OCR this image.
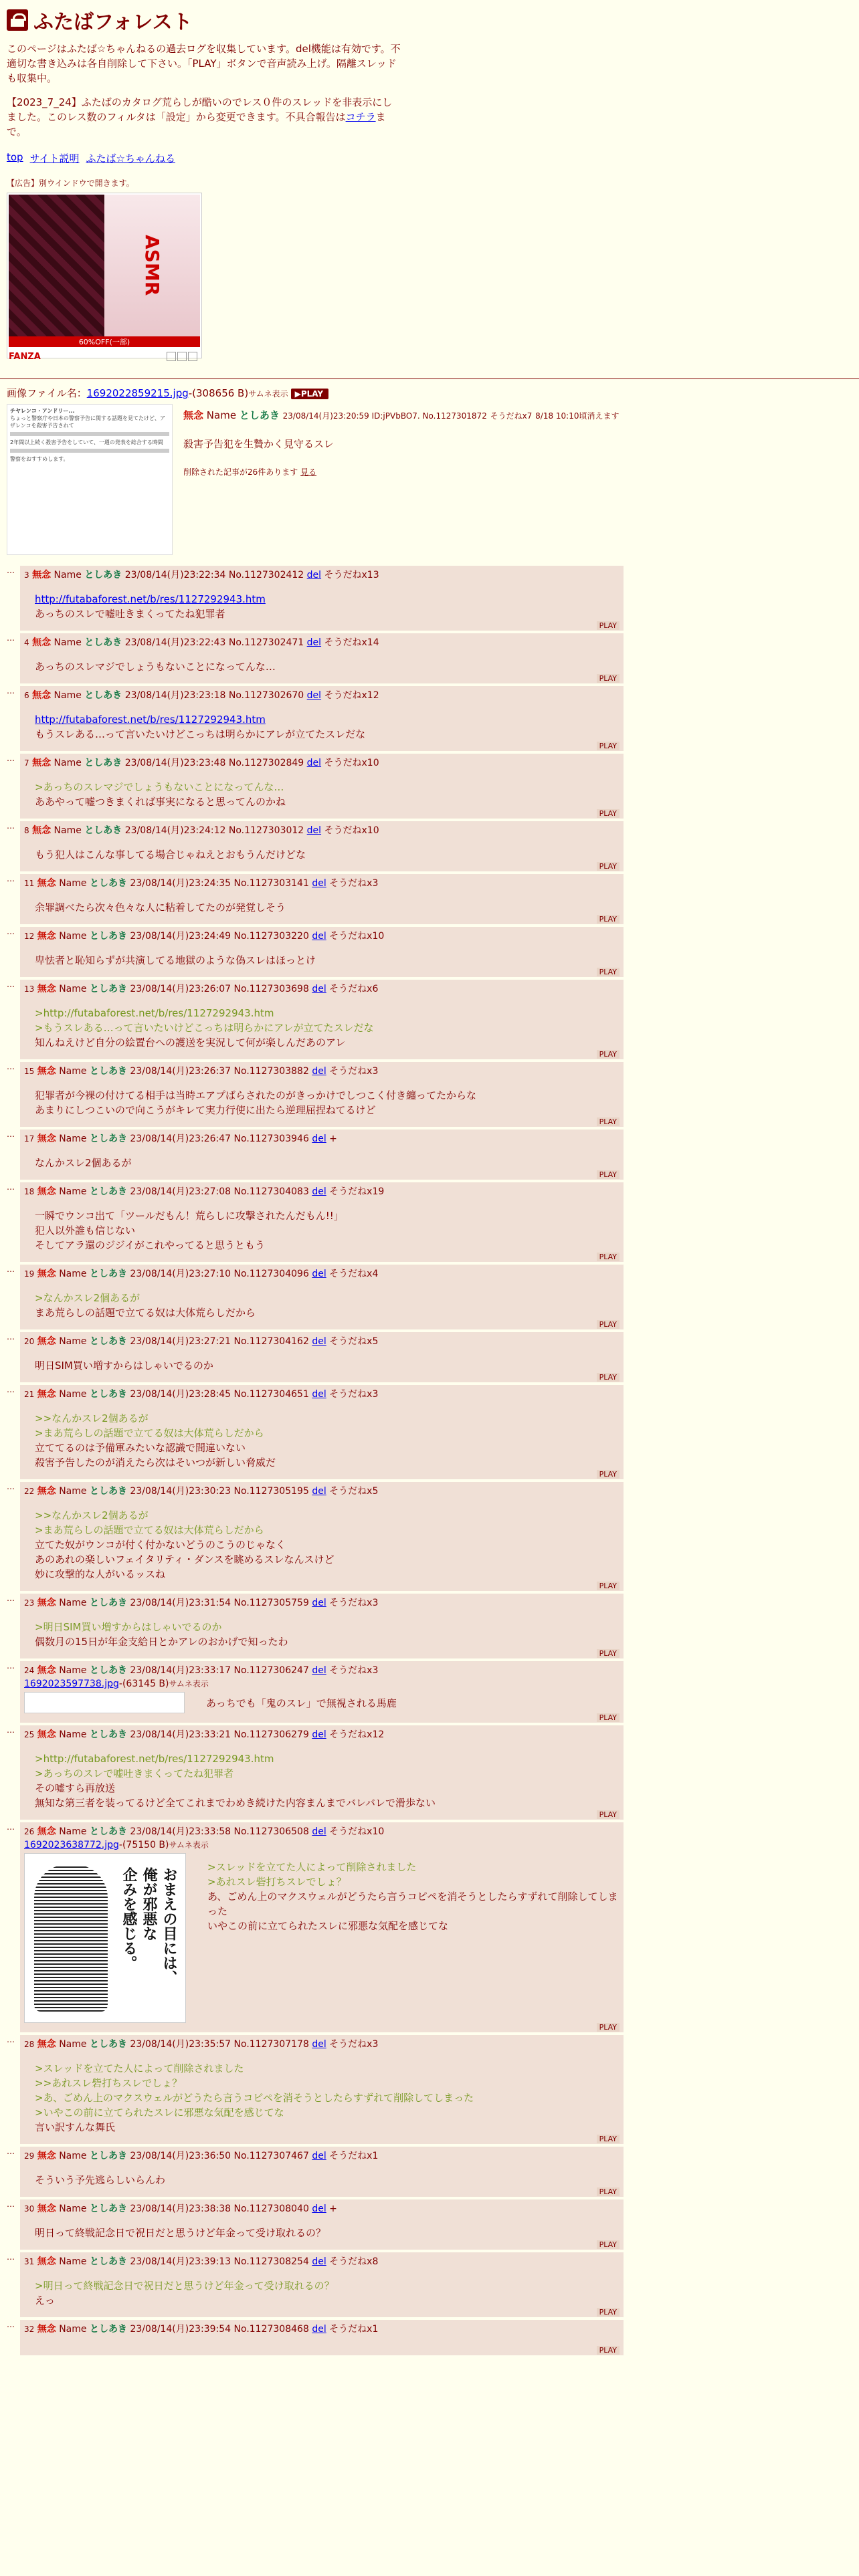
ふたばフォレスト

このページはふたば☆ちゃんねるの過去ログを収集しています。del機能は有効です。不適切な書き込みは各自削除して下さい。「PLAY」ボタンで音声読み上げ。隔離スレッドも収集中。

【2023_7_24】ふたばのカタログ荒らしが酷いのでレス０件のスレッドを非表示にしました。このレス数のフィルタは「設定」から変更できます。不具合報告はコチラまで。

top サイト説明 ふたば☆ちゃんねる
【広告】別ウインドウで開きます。
ASMR
60%OFF(一部)
FANZA
画像ファイル名：1692022859215.jpg-(308656 B)サムネ表示 ▶PLAY
チヤレンコ・アンドリー...
ちょっと警察庁や日本の警察予告に関する話題を見てたけど、アザレンコを殺害予告されて
2年間以上続く殺害予告をしていて、一週の発表を総合する時間
警察をおすすめします。
無念 Name としあき 23/08/14(月)23:20:59 ID:jPVbBO7. No.1127301872 そうだねx7 8/18 10:10頃消えます

殺害予告犯を生贄かく見守るスレ

削除された記事が26件あります 見る
…	3 無念 Name としあき 23/08/14(月)23:22:34 No.1127302412 del そうだねx13
http://futabaforest.net/b/res/1127292943.htm
あっちのスレで嘘吐きまくってたね犯罪者

PLAY
…	4 無念 Name としあき 23/08/14(月)23:22:43 No.1127302471 del そうだねx14
あっちのスレマジでしょうもないことになってんな…

PLAY
…	6 無念 Name としあき 23/08/14(月)23:23:18 No.1127302670 del そうだねx12
http://futabaforest.net/b/res/1127292943.htm
もうスレある…って言いたいけどこっちは明らかにアレが立てたスレだな

PLAY
…	7 無念 Name としあき 23/08/14(月)23:23:48 No.1127302849 del そうだねx10
>あっちのスレマジでしょうもないことになってんな…
ああやって嘘つきまくれば事実になると思ってんのかね

PLAY
…	8 無念 Name としあき 23/08/14(月)23:24:12 No.1127303012 del そうだねx10
もう犯人はこんな事してる場合じゃねえとおもうんだけどな

PLAY
…	11 無念 Name としあき 23/08/14(月)23:24:35 No.1127303141 del そうだねx3
余罪調べたら次々色々な人に粘着してたのが発覚しそう

PLAY
…	12 無念 Name としあき 23/08/14(月)23:24:49 No.1127303220 del そうだねx10
卑怯者と恥知らずが共演してる地獄のような偽スレはほっとけ

PLAY
…	13 無念 Name としあき 23/08/14(月)23:26:07 No.1127303698 del そうだねx6
>http://futabaforest.net/b/res/1127292943.htm
>もうスレある…って言いたいけどこっちは明らかにアレが立てたスレだな
知んねえけど自分の絵置台への護送を実況して何が楽しんだあのアレ

PLAY
…	15 無念 Name としあき 23/08/14(月)23:26:37 No.1127303882 del そうだねx3
犯罪者が今裸の付けてる相手は当時エアプばらされたのがきっかけでしつこく付き纏ってたからな
あまりにしつこいので向こうがキレて実力行使に出たら逆理屈捏ねてるけど

PLAY
…	17 無念 Name としあき 23/08/14(月)23:26:47 No.1127303946 del +
なんかスレ2個あるが

PLAY
…	18 無念 Name としあき 23/08/14(月)23:27:08 No.1127304083 del そうだねx19
一瞬でウンコ出て「ツールだもん！荒らしに攻撃されたんだもん!!」
犯人以外誰も信じない
そしてアラ還のジジイがこれやってると思うともう

PLAY
…	19 無念 Name としあき 23/08/14(月)23:27:10 No.1127304096 del そうだねx4
>なんかスレ2個あるが
まあ荒らしの話題で立てる奴は大体荒らしだから

PLAY
…	20 無念 Name としあき 23/08/14(月)23:27:21 No.1127304162 del そうだねx5
明日SIM買い増すからはしゃいでるのか

PLAY
…	21 無念 Name としあき 23/08/14(月)23:28:45 No.1127304651 del そうだねx3
>>なんかスレ2個あるが
>まあ荒らしの話題で立てる奴は大体荒らしだから
立ててるのは予備軍みたいな認識で間違いない
殺害予告したのが消えたら次はそいつが新しい脅威だ

PLAY
…	22 無念 Name としあき 23/08/14(月)23:30:23 No.1127305195 del そうだねx5
>>なんかスレ2個あるが
>まあ荒らしの話題で立てる奴は大体荒らしだから
立てた奴がウンコが付く付かないどうのこうのじゃなく
あのあれの楽しいフェイタリティ・ダンスを眺めるスレなんスけど
妙に攻撃的な人がいるッスね

PLAY
…	23 無念 Name としあき 23/08/14(月)23:31:54 No.1127305759 del そうだねx3
>明日SIM買い増すからはしゃいでるのか
偶数月の15日が年金支給日とかアレのおかげで知ったわ

PLAY
…	24 無念 Name としあき 23/08/14(月)23:33:17 No.1127306247 del そうだねx3
1692023597738.jpg-(63145 B)サムネ表示
あっちでも「鬼のスレ」で無視される馬鹿

PLAY
…	25 無念 Name としあき 23/08/14(月)23:33:21 No.1127306279 del そうだねx12
>http://futabaforest.net/b/res/1127292943.htm
>あっちのスレで嘘吐きまくってたね犯罪者
その嘘すら再放送
無知な第三者を装ってるけど全てこれまでわめき続けた内容まんまでバレバレで滑歩ない

PLAY
…	26 無念 Name としあき 23/08/14(月)23:33:58 No.1127306508 del そうだねx10
1692023638772.jpg-(75150 B)サムネ表示
おまえの目には、
俺が邪悪な
企みを感じる。	>スレッドを立てた人によって削除されました
>あれスレ砦打ちスレでしょ？
あ、ごめん上のマクスウェルがどうたら言うコピペを消そうとしたらすずれて削除してしまった
いやこの前に立てられたスレに邪悪な気配を感じてな

PLAY
…	28 無念 Name としあき 23/08/14(月)23:35:57 No.1127307178 del そうだねx3
>スレッドを立てた人によって削除されました
>>あれスレ砦打ちスレでしょ？
>あ、ごめん上のマクスウェルがどうたら言うコピペを消そうとしたらすずれて削除してしまった
>いやこの前に立てられたスレに邪悪な気配を感じてな
言い訳すんな舞氏

PLAY
…	29 無念 Name としあき 23/08/14(月)23:36:50 No.1127307467 del そうだねx1
そういう予先逃らしいらんわ

PLAY
…	30 無念 Name としあき 23/08/14(月)23:38:38 No.1127308040 del +
明日って終戦記念日で祝日だと思うけど年金って受け取れるの？

PLAY
…	31 無念 Name としあき 23/08/14(月)23:39:13 No.1127308254 del そうだねx8
>明日って終戦記念日で祝日だと思うけど年金って受け取れるの？
えっ

PLAY
…	32 無念 Name としあき 23/08/14(月)23:39:54 No.1127308468 del そうだねx1
PLAY
